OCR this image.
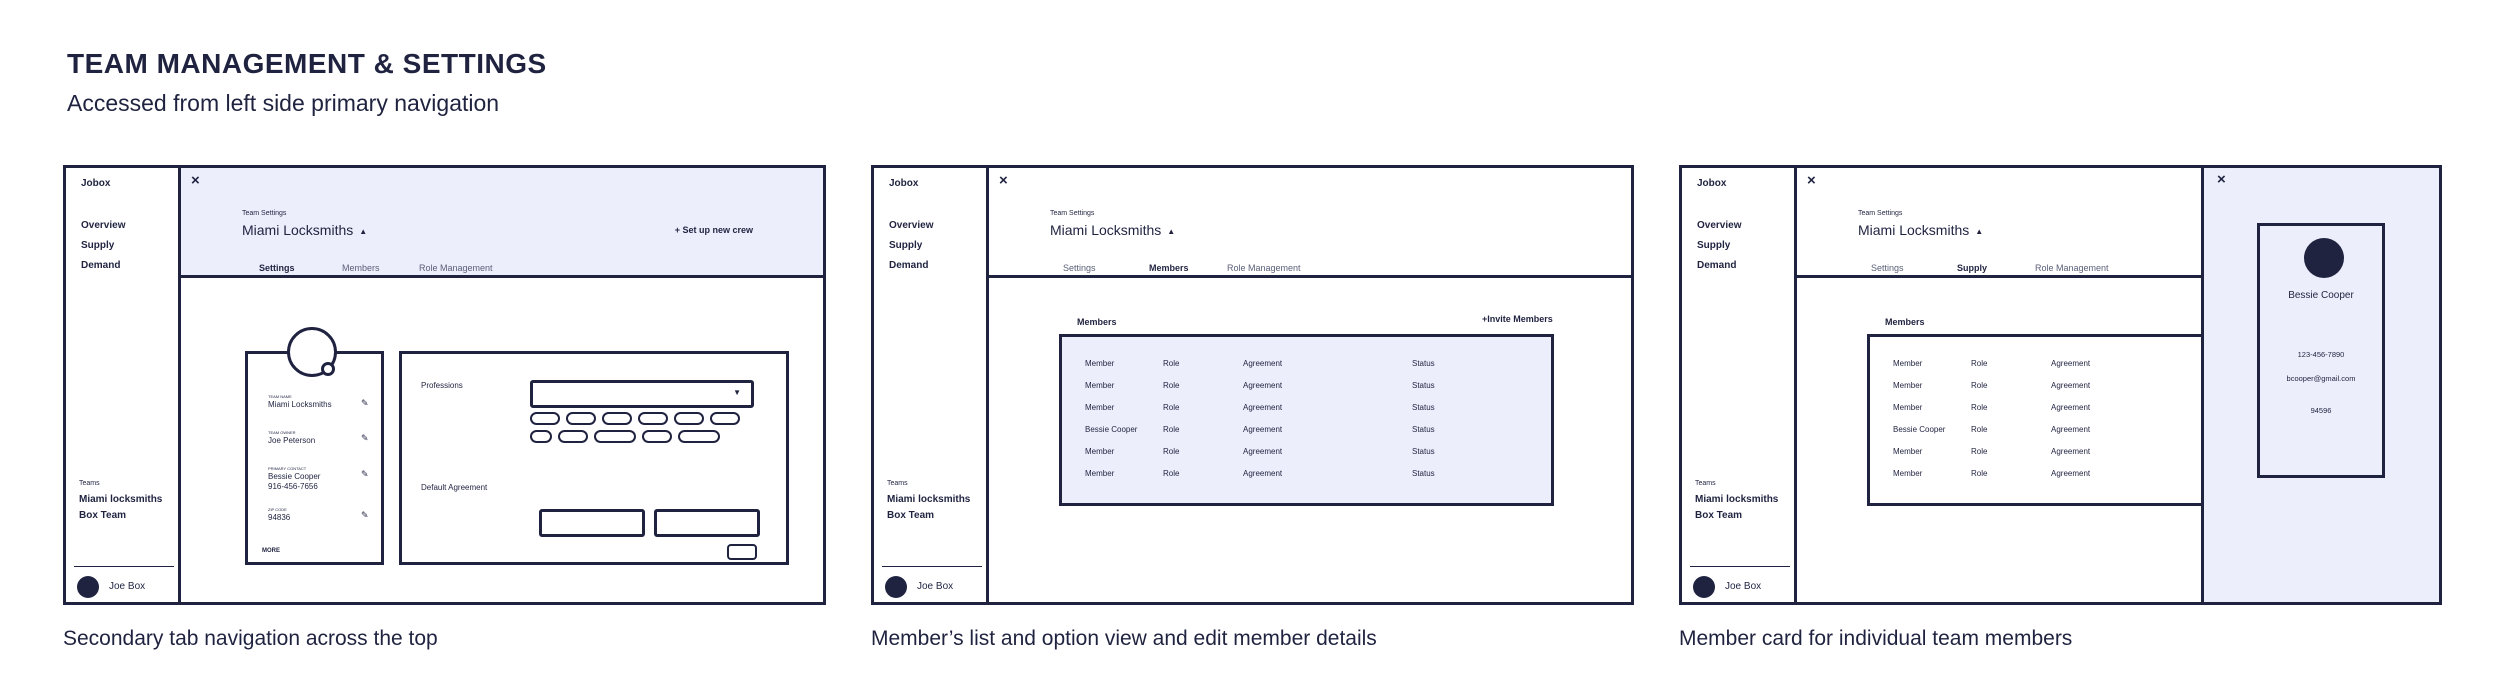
TEAM MANAGEMENT & SETTINGS
Accessed from left side primary navigation
Jobox
Overview
Supply
Demand
Teams
Miami locksmiths
Box Team
Joe Box
×
Team Settings
Miami Locksmiths ▲	+ Set up new crew
Settings	Members	Role Management
TEAM NAME
Miami Locksmiths	✎
TEAM OWNER
Joe Peterson	✎
PRIMARY CONTACT
Bessie Cooper
916-456-7656
✎
ZIP CODE
94836	✎
MORE
Professions
▼
Default Agreement
Jobox
Overview
Supply
Demand
Teams
Miami locksmiths
Box Team
Joe Box
×
Team Settings
Miami Locksmiths ▲
Settings	Members	Role Management
Members	+Invite Members
Member	Role	Agreement	Status
Member	Role	Agreement	Status
Member	Role	Agreement	Status
Bessie Cooper	Role	Agreement	Status
Member	Role	Agreement	Status
Member	Role	Agreement	Status
Jobox
Overview
Supply
Demand
Teams
Miami locksmiths
Box Team
Joe Box
×
Team Settings
Miami Locksmiths ▲
Settings	Supply	Role Management
Members
Member	Role	Agreement
Member	Role	Agreement
Member	Role	Agreement
Bessie Cooper	Role	Agreement
Member	Role	Agreement
Member	Role	Agreement
×
Bessie Cooper
123-456-7890
bcooper@gmail.com
94596
Secondary tab navigation across the top	Member’s list and option view and edit member details	Member card for individual team members
